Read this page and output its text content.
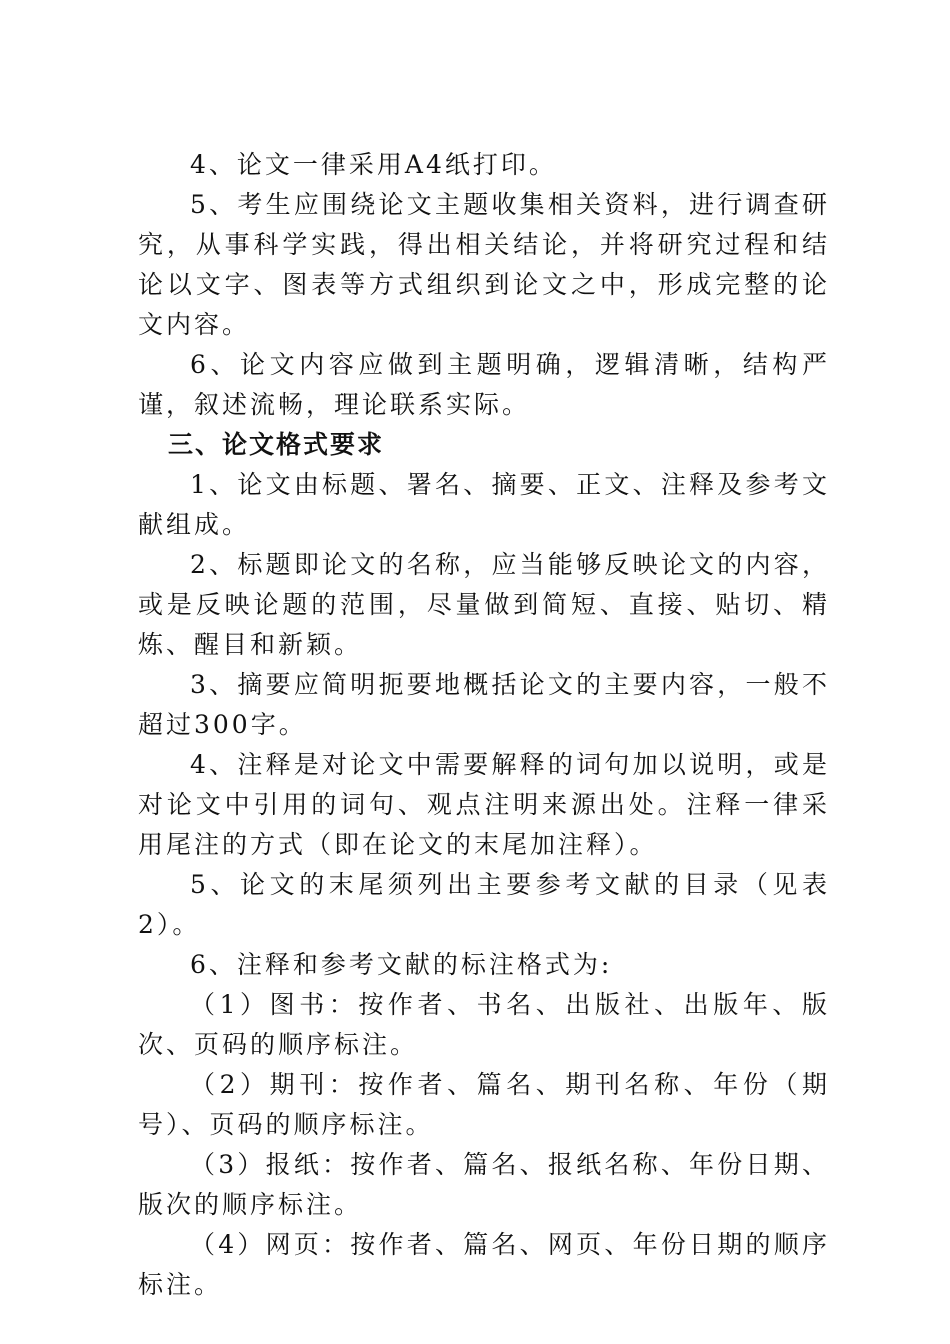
4、论文一律采用A4纸打印。

5、考生应围绕论文主题收集相关资料，进行调查研究，从事科学实践，得出相关结论，并将研究过程和结论以文字、图表等方式组织到论文之中，形成完整的论文内容。

6、论文内容应做到主题明确，逻辑清晰，结构严谨，叙述流畅，理论联系实际。

三、论文格式要求

1、论文由标题、署名、摘要、正文、注释及参考文献组成。

2、标题即论文的名称，应当能够反映论文的内容，或是反映论题的范围，尽量做到简短、直接、贴切、精炼、醒目和新颖。

3、摘要应简明扼要地概括论文的主要内容，一般不超过300字。

4、注释是对论文中需要解释的词句加以说明，或是对论文中引用的词句、观点注明来源出处。注释一律采用尾注的方式（即在论文的末尾加注释）。

5、论文的末尾须列出主要参考文献的目录（见表2）。

6、注释和参考文献的标注格式为:

（1）图书：按作者、书名、出版社、出版年、版次、页码的顺序标注。

（2）期刊：按作者、篇名、期刊名称、年份（期号）、页码的顺序标注。

（3）报纸：按作者、篇名、报纸名称、年份日期、版次的顺序标注。

（4）网页：按作者、篇名、网页、年份日期的顺序标注。
